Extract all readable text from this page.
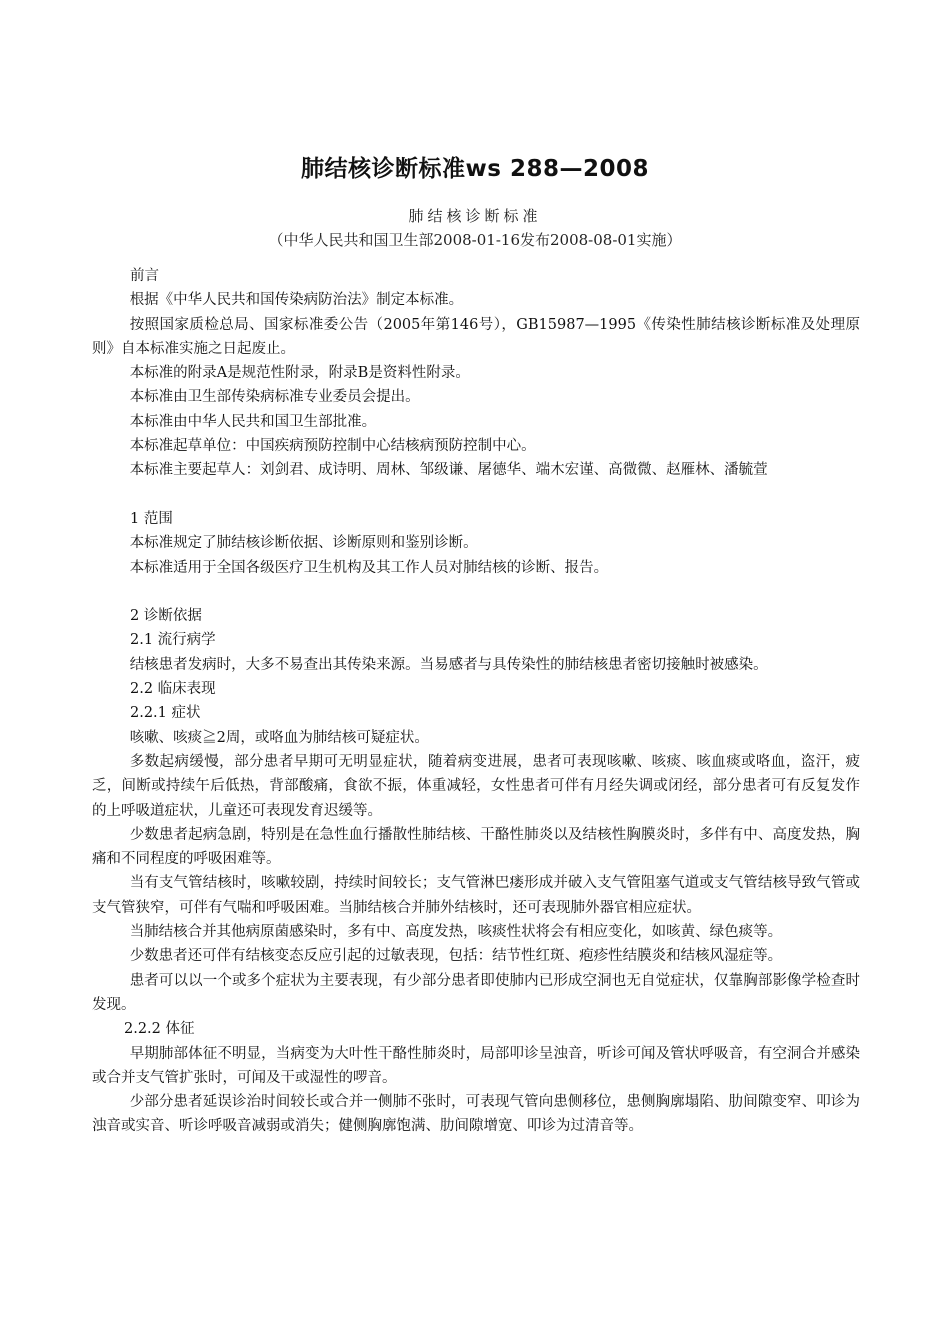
肺结核诊断标准ws 288—2008
肺结核诊断标准
（中华人民共和国卫生部2008-01-16发布2008-08-01实施）

前言

根据《中华人民共和国传染病防治法》制定本标准。

按照国家质检总局、国家标准委公告（2005年第146号），GB15987—1995《传染性肺结核诊断标准及处理原则》自本标准实施之日起废止。

本标准的附录A是规范性附录，附录B是资料性附录。

本标准由卫生部传染病标准专业委员会提出。

本标准由中华人民共和国卫生部批准。

本标准起草单位：中国疾病预防控制中心结核病预防控制中心。

本标准主要起草人：刘剑君、成诗明、周林、邹级谦、屠德华、端木宏谨、高微微、赵雁林、潘毓萱

1 范围

本标准规定了肺结核诊断依据、诊断原则和鉴别诊断。

本标准适用于全国各级医疗卫生机构及其工作人员对肺结核的诊断、报告。

2 诊断依据

2.1 流行病学

结核患者发病时，大多不易查出其传染来源。当易感者与具传染性的肺结核患者密切接触时被感染。

2.2 临床表现

2.2.1 症状

咳嗽、咳痰≧2周，或咯血为肺结核可疑症状。

多数起病缓慢，部分患者早期可无明显症状，随着病变进展，患者可表现咳嗽、咳痰、咳血痰或咯血，盗汗，疲乏，间断或持续午后低热，背部酸痛，食欲不振，体重减轻，女性患者可伴有月经失调或闭经，部分患者可有反复发作的上呼吸道症状，儿童还可表现发育迟缓等。

少数患者起病急剧，特别是在急性血行播散性肺结核、干酪性肺炎以及结核性胸膜炎时，多伴有中、高度发热，胸痛和不同程度的呼吸困难等。

当有支气管结核时，咳嗽较剧，持续时间较长；支气管淋巴瘘形成并破入支气管阻塞气道或支气管结核导致气管或支气管狭窄，可伴有气喘和呼吸困难。当肺结核合并肺外结核时，还可表现肺外器官相应症状。

当肺结核合并其他病原菌感染时，多有中、高度发热，咳痰性状将会有相应变化，如咳黄、绿色痰等。

少数患者还可伴有结核变态反应引起的过敏表现，包括：结节性红斑、疱疹性结膜炎和结核风湿症等。

患者可以以一个或多个症状为主要表现，有少部分患者即使肺内已形成空洞也无自觉症状，仅靠胸部影像学检查时发现。

2.2.2 体征

早期肺部体征不明显，当病变为大叶性干酪性肺炎时，局部叩诊呈浊音，听诊可闻及管状呼吸音，有空洞合并感染或合并支气管扩张时，可闻及干或湿性的啰音。

少部分患者延误诊治时间较长或合并一侧肺不张时，可表现气管向患侧移位，患侧胸廓塌陷、肋间隙变窄、叩诊为浊音或实音、听诊呼吸音减弱或消失；健侧胸廓饱满、肋间隙增宽、叩诊为过清音等。
